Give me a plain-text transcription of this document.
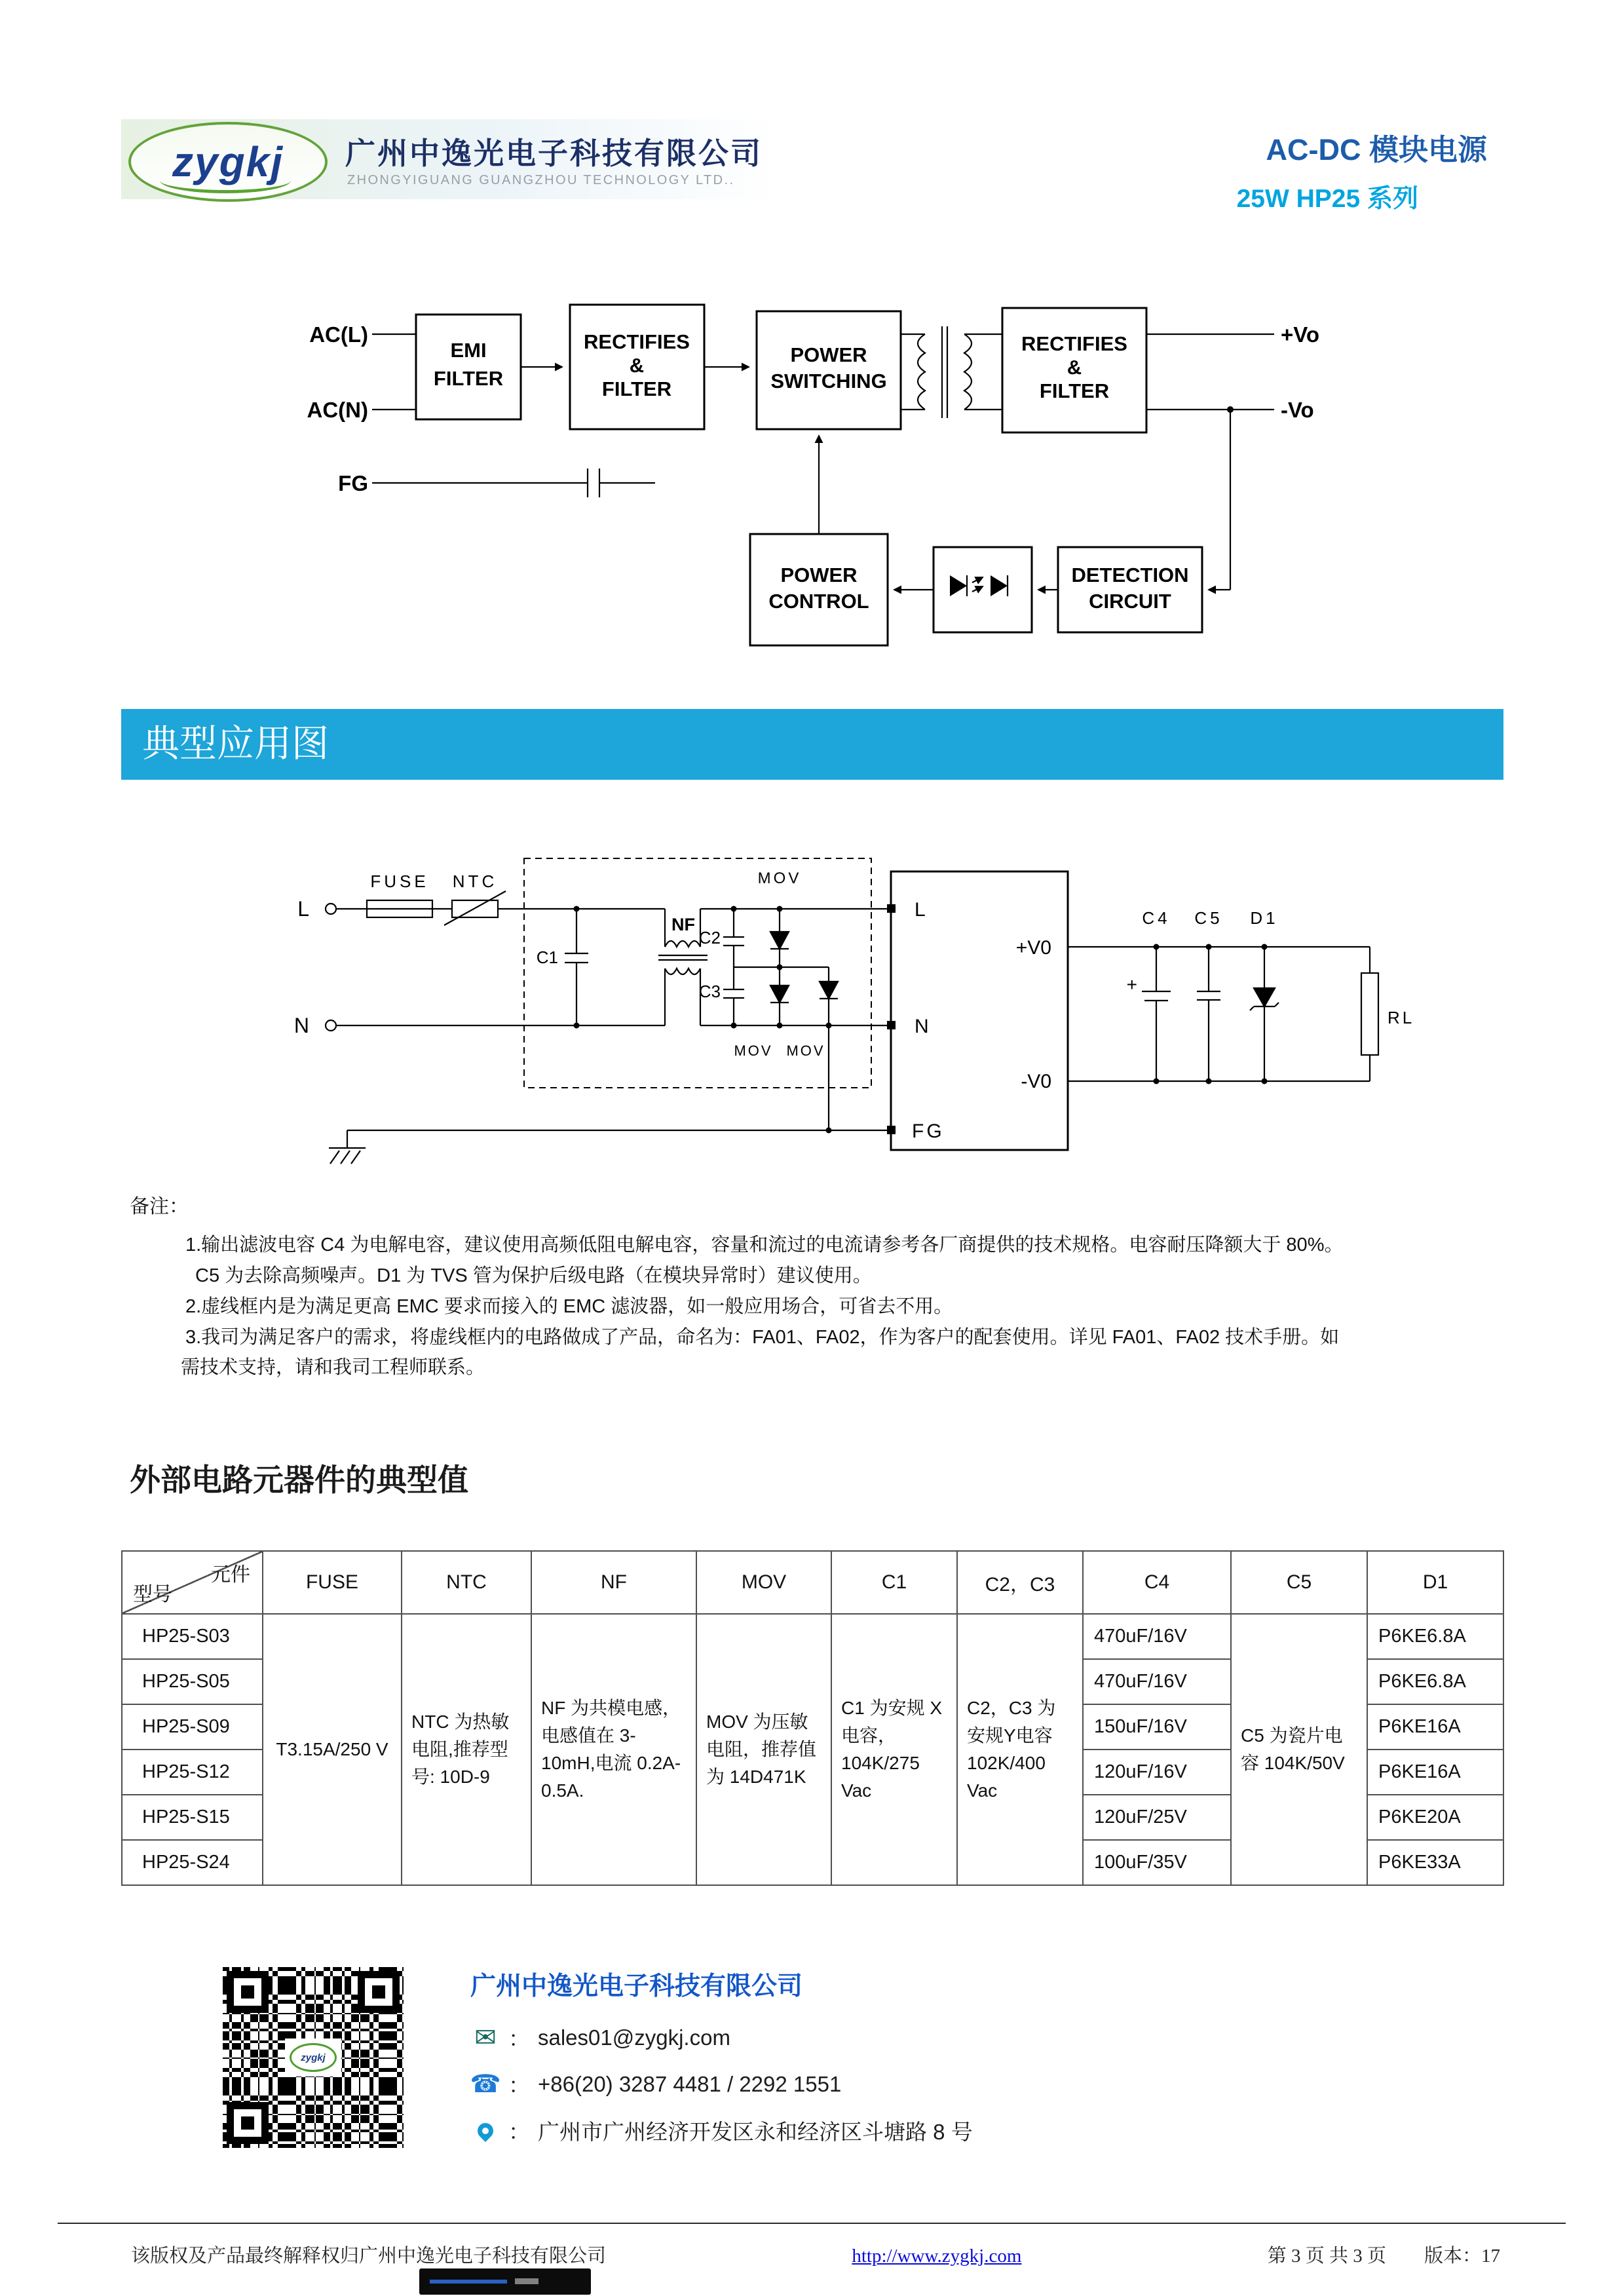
zygkj 广州中逸光电子科技有限公司
ZHONGYIGUANG GUANGZHOU TECHNOLOGY LTD..
AC-DC 模块电源
25W HP25 系列
EMI
FILTER
RECTIFIES
&
FILTER
POWER
SWITCHING
RECTIFIES
&
FILTER
POWER
CONTROL
DETECTION
CIRCUIT
AC(L)
AC(N)
FG
+Vo
-Vo
典型应用图
L
N
FUSE NTC
NF
C1
C2
C3
MOV
MOV MOV
L
N
FG
+V0
-V0
C4
+
C5 D1
RL
备注：
1.输出滤波电容 C4 为电解电容，建议使用高频低阻电解电容，容量和流过的电流请参考各厂商提供的技术规格。电容耐压降额大于 80%。
C5 为去除高频噪声。D1 为 TVS 管为保护后级电路（在模块异常时）建议使用。
2.虚线框内是为满足更高 EMC 要求而接入的 EMC 滤波器，如一般应用场合，可省去不用。
3.我司为满足客户的需求，将虚线框内的电路做成了产品，命名为：FA01、FA02，作为客户的配套使用。详见 FA01、FA02 技术手册。如
需技术支持，请和我司工程师联系。
外部电路元器件的典型值
元件
型号	FUSE	NTC	NF	MOV	C1	C2，C3	C4	C5	D1
HP25-S03	T3.15A/250 V	NTC 为热敏电阻,推荐型号: 10D-9	NF 为共模电感，电感值在 3-10mH,电流 0.2A-0.5A.	MOV 为压敏电阻，推荐值为 14D471K	C1 为安规 X 电容，104K/275 Vac	C2，C3 为安规Y电容 102K/400 Vac	470uF/16V	C5 为瓷片电容 104K/50V	P6KE6.8A
HP25-S05							470uF/16V		P6KE6.8A
HP25-S09							150uF/16V		P6KE16A
HP25-S12							120uF/16V		P6KE16A
HP25-S15							120uF/25V		P6KE20A
HP25-S24							100uF/35V		P6KE33A
zygkj
广州中逸光电子科技有限公司
✉ ： sales01@zygkj.com
☎ ： +86(20) 3287 4481 / 2292 1551
： 广州市广州经济开发区永和经济区斗塘路 8 号
该版权及产品最终解释权归广州中逸光电子科技有限公司	http://www.zygkj.com	第 3 页 共 3 页　　版本：17
